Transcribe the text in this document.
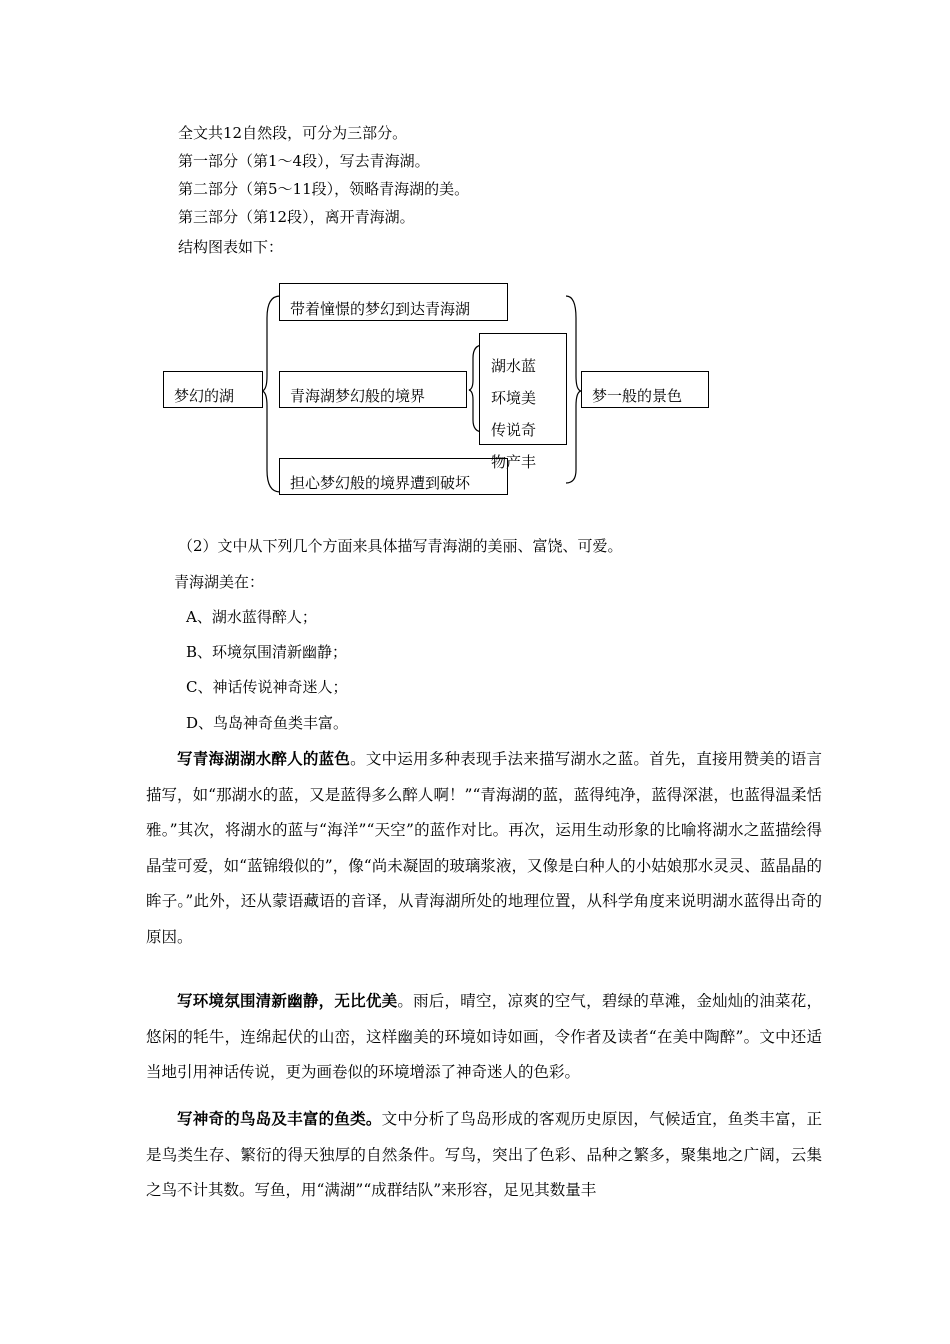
全文共12自然段，可分为三部分。
第一部分（第1～4段），写去青海湖。
第二部分（第5～11段），领略青海湖的美。
第三部分（第12段），离开青海湖。
结构图表如下：
梦幻的湖
带着憧憬的梦幻到达青海湖
青海湖梦幻般的境界
担心梦幻般的境界遭到破坏
梦一般的景色
湖水蓝
环境美
传说奇
物产丰
（2）文中从下列几个方面来具体描写青海湖的美丽、富饶、可爱。
青海湖美在：
A、湖水蓝得醉人；
B、环境氛围清新幽静；
C、神话传说神奇迷人；
D、鸟岛神奇鱼类丰富。

写青海湖湖水醉人的蓝色。文中运用多种表现手法来描写湖水之蓝。首先，直接用赞美的语言描写，如“那湖水的蓝，又是蓝得多么醉人啊！”“青海湖的蓝，蓝得纯净，蓝得深湛，也蓝得温柔恬雅。”其次，将湖水的蓝与“海洋”“天空”的蓝作对比。再次，运用生动形象的比喻将湖水之蓝描绘得晶莹可爱，如“蓝锦缎似的”，像“尚未凝固的玻璃浆液，又像是白种人的小姑娘那水灵灵、蓝晶晶的眸子。”此外，还从蒙语藏语的音译，从青海湖所处的地理位置，从科学角度来说明湖水蓝得出奇的原因。

写环境氛围清新幽静，无比优美。雨后，晴空，凉爽的空气，碧绿的草滩，金灿灿的油菜花，悠闲的牦牛，连绵起伏的山峦，这样幽美的环境如诗如画，令作者及读者“在美中陶醉”。文中还适当地引用神话传说，更为画卷似的环境增添了神奇迷人的色彩。

写神奇的鸟岛及丰富的鱼类。文中分析了鸟岛形成的客观历史原因，气候适宜，鱼类丰富，正是鸟类生存、繁衍的得天独厚的自然条件。写鸟，突出了色彩、品种之繁多，聚集地之广阔，云集之鸟不计其数。写鱼，用“满湖”“成群结队”来形容，足见其数量丰
